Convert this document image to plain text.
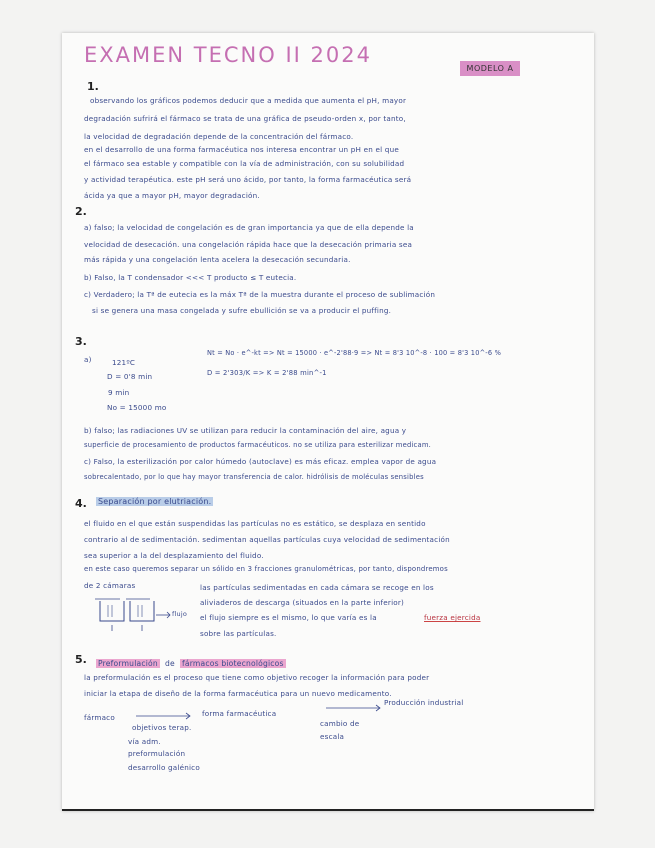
EXAMEN TECNO II 2024
MODELO A
1.
observando los gráficos podemos deducir que a medida que aumenta el pH, mayor
degradación sufrirá el fármaco se trata de una gráfica de pseudo-orden x, por tanto,
la velocidad de degradación depende de la concentración del fármaco.
en el desarrollo de una forma farmacéutica nos interesa encontrar un pH en el que
el fármaco sea estable y compatible con la vía de administración, con su solubilidad
y actividad terapéutica. este pH será uno ácido, por tanto, la forma farmacéutica será
ácida ya que a mayor pH, mayor degradación.
2.
a) falso; la velocidad de congelación es de gran importancia ya que de ella depende la
velocidad de desecación. una congelación rápida hace que la desecación primaria sea
más rápida y una congelación lenta acelera la desecación secundaria.
b) Falso, la T condensador <<< T producto ≤ T eutecia.
c) Verdadero; la Tª de eutecia es la máx Tª de la muestra durante el proceso de sublimación
si se genera una masa congelada y sufre ebullición se va a producir el puffing.
3.
a)	121ºC
D = 0'8 min
9 min
No = 15000 mo
Nt = No · e^-kt => Nt = 15000 · e^-2'88·9 => Nt = 8'3 10^-8 · 100 = 8'3 10^-6 %
D = 2'303/K => K = 2'88 min^-1
b) falso; las radiaciones UV se utilizan para reducir la contaminación del aire, agua y
superficie de procesamiento de productos farmacéuticos. no se utiliza para esterilizar medicam.
c) Falso, la esterilización por calor húmedo (autoclave) es más eficaz. emplea vapor de agua
sobrecalentado, por lo que hay mayor transferencia de calor. hidrólisis de moléculas sensibles
4. Separación por elutriación.
el fluido en el que están suspendidas las partículas no es estático, se desplaza en sentido
contrario al de sedimentación. sedimentan aquellas partículas cuya velocidad de sedimentación
sea superior a la del desplazamiento del fluido.
en este caso queremos separar un sólido en 3 fracciones granulométricas, por tanto, dispondremos
de 2 cámaras	las partículas sedimentadas en cada cámara se recoge en los
aliviaderos de descarga (situados en la parte inferior)
el flujo siempre es el mismo, lo que varía es la	fuerza ejercida
sobre las partículas.
flujo
5. Preformulación de fármacos biotecnológicos
la preformulación es el proceso que tiene como objetivo recoger la información para poder
iniciar la etapa de diseño de la forma farmacéutica para un nuevo medicamento.
fármaco	forma farmacéutica
Producción industrial
cambio de escala
objetivos terap.
vía adm.
preformulación
desarrollo galénico
